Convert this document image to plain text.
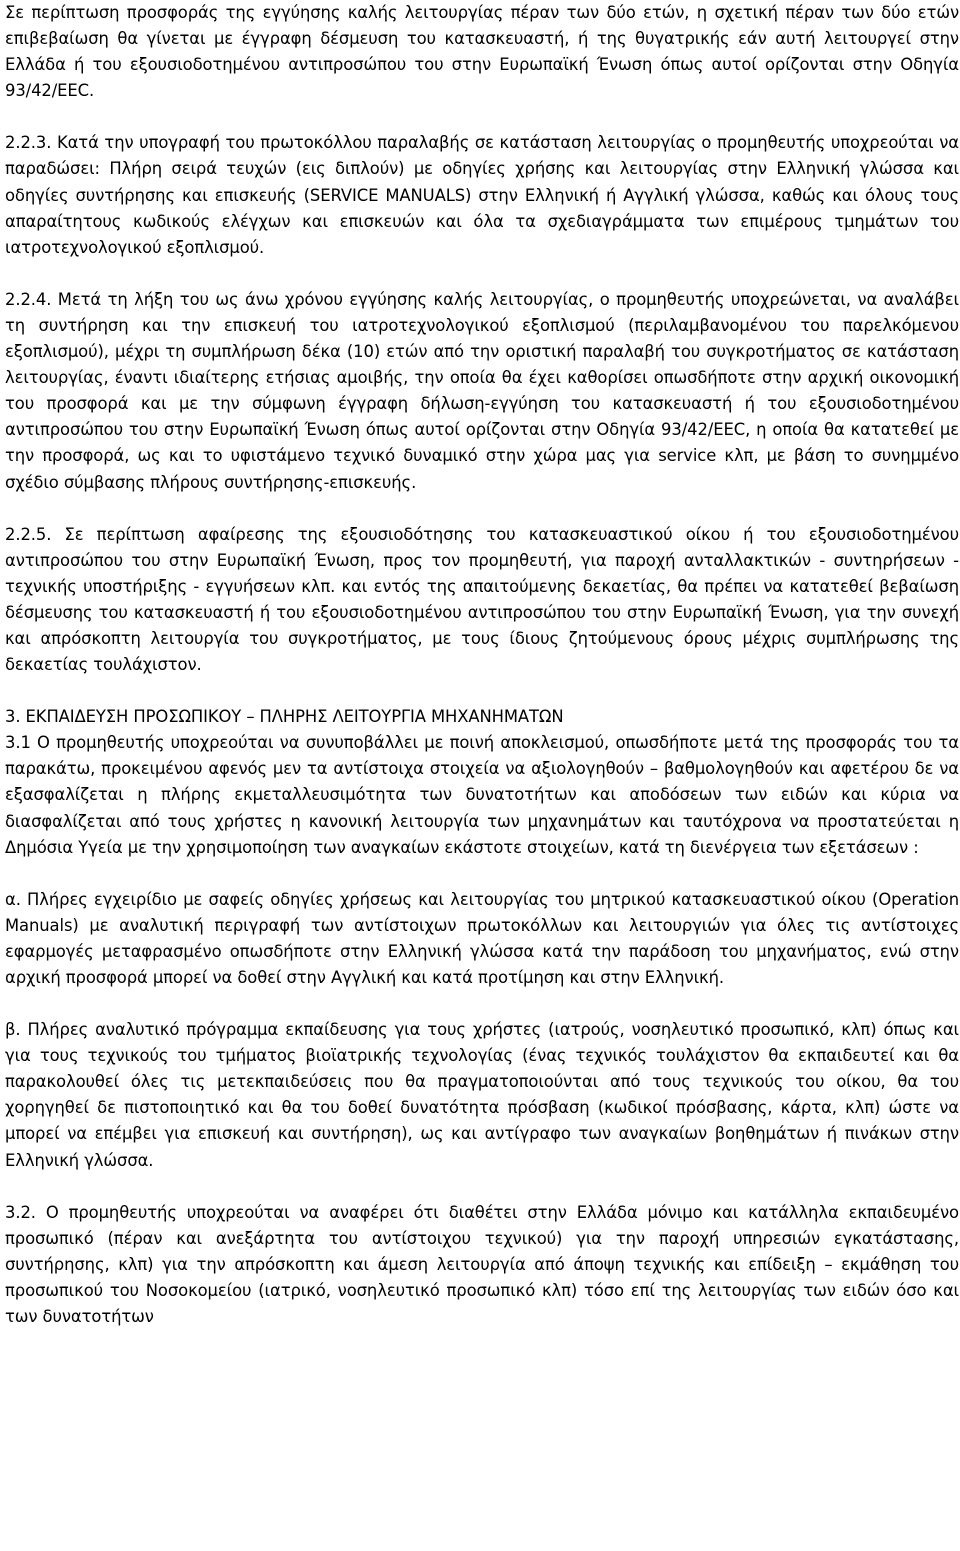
Σε περίπτωση προσφοράς της εγγύησης καλής λειτουργίας πέραν των δύο ετών, η σχετική πέραν των δύο ετών επιβεβαίωση θα γίνεται με έγγραφη δέσμευση του κατασκευαστή, ή της θυγατρικής εάν αυτή λειτουργεί στην Ελλάδα ή του εξουσιοδοτημένου αντιπροσώπου του στην Ευρωπαϊκή Ένωση όπως αυτοί ορίζονται στην Οδηγία 93/42/ΕΕC.

2.2.3. Κατά την υπογραφή του πρωτοκόλλου παραλαβής σε κατάσταση λειτουργίας ο προμηθευτής υποχρεούται να παραδώσει: Πλήρη σειρά τευχών (εις διπλούν) με οδηγίες χρήσης και λειτουργίας στην Ελληνική γλώσσα και οδηγίες συντήρησης και επισκευής (SERVICE MANUALS) στην Ελληνική ή Αγγλική γλώσσα, καθώς και όλους τους απαραίτητους κωδικούς ελέγχων και επισκευών και όλα τα σχεδιαγράμματα των επιμέρους τμημάτων του ιατροτεχνολογικού εξοπλισμού.

2.2.4. Μετά τη λήξη του ως άνω χρόνου εγγύησης καλής λειτουργίας, ο προμηθευτής υποχρεώνεται, να αναλάβει τη συντήρηση και την επισκευή του ιατροτεχνολογικού εξοπλισμού (περιλαμβανομένου του παρελκόμενου εξοπλισμού), μέχρι τη συμπλήρωση δέκα (10) ετών από την οριστική παραλαβή του συγκροτήματος σε κατάσταση λειτουργίας, έναντι ιδιαίτερης ετήσιας αμοιβής, την οποία θα έχει καθορίσει οπωσδήποτε στην αρχική οικονομική του προσφορά και με την σύμφωνη έγγραφη δήλωση-εγγύηση του κατασκευαστή ή του εξουσιοδοτημένου αντιπροσώπου του στην Ευρωπαϊκή Ένωση όπως αυτοί ορίζονται στην Οδηγία 93/42/ΕΕC, η οποία θα κατατεθεί με την προσφορά, ως και το υφιστάμενο τεχνικό δυναμικό στην χώρα μας για service κλπ, με βάση το συνημμένο σχέδιο σύμβασης πλήρους συντήρησης-επισκευής.

2.2.5. Σε περίπτωση αφαίρεσης της εξουσιοδότησης του κατασκευαστικού οίκου ή του εξουσιοδοτημένου αντιπροσώπου του στην Ευρωπαϊκή Ένωση, προς τον προμηθευτή, για παροχή ανταλλακτικών - συντηρήσεων - τεχνικής υποστήριξης - εγγυήσεων κλπ. και εντός της απαιτούμενης δεκαετίας, θα πρέπει να κατατεθεί βεβαίωση δέσμευσης του κατασκευαστή ή του εξουσιοδοτημένου αντιπροσώπου του στην Ευρωπαϊκή Ένωση, για την συνεχή και απρόσκοπτη λειτουργία του συγκροτήματος, με τους ίδιους ζητούμενους όρους μέχρις συμπλήρωσης της δεκαετίας τουλάχιστον.

3. ΕΚΠΑΙΔΕΥΣΗ ΠΡΟΣΩΠΙΚΟΥ – ΠΛΗΡΗΣ ΛΕΙΤΟΥΡΓΙΑ ΜΗΧΑΝΗΜΑΤΩΝ

3.1 Ο προμηθευτής υποχρεούται να συνυποβάλλει με ποινή αποκλεισμού, οπωσδήποτε μετά της προσφοράς του τα παρακάτω, προκειμένου αφενός μεν τα αντίστοιχα στοιχεία να αξιολογηθούν – βαθμολογηθούν και αφετέρου δε να εξασφαλίζεται η πλήρης εκμεταλλευσιμότητα των δυνατοτήτων και αποδόσεων των ειδών και κύρια να διασφαλίζεται από τους χρήστες η κανονική λειτουργία των μηχανημάτων και ταυτόχρονα να προστατεύεται η Δημόσια Υγεία με την χρησιμοποίηση των αναγκαίων εκάστοτε στοιχείων, κατά τη διενέργεια των εξετάσεων :

α. Πλήρες εγχειρίδιο με σαφείς οδηγίες χρήσεως και λειτουργίας του μητρικού κατασκευαστικού οίκου (Operation Manuals) με αναλυτική περιγραφή των αντίστοιχων πρωτοκόλλων και λειτουργιών για όλες τις αντίστοιχες εφαρμογές μεταφρασμένο οπωσδήποτε στην Ελληνική γλώσσα κατά την παράδοση του μηχανήματος, ενώ στην αρχική προσφορά μπορεί να δοθεί στην Αγγλική και κατά προτίμηση και στην Ελληνική.

β. Πλήρες αναλυτικό πρόγραμμα εκπαίδευσης για τους χρήστες (ιατρούς, νοσηλευτικό προσωπικό, κλπ) όπως και για τους τεχνικούς του τμήματος βιοϊατρικής τεχνολογίας (ένας τεχνικός τουλάχιστον θα εκπαιδευτεί και θα παρακολουθεί όλες τις μετεκπαιδεύσεις που θα πραγματοποιούνται από τους τεχνικούς του οίκου, θα του χορηγηθεί δε πιστοποιητικό και θα του δοθεί δυνατότητα πρόσβαση (κωδικοί πρόσβασης, κάρτα, κλπ) ώστε να μπορεί να επέμβει για επισκευή και συντήρηση), ως και αντίγραφο των αναγκαίων βοηθημάτων ή πινάκων στην Ελληνική γλώσσα.

3.2. Ο προμηθευτής υποχρεούται να αναφέρει ότι διαθέτει στην Ελλάδα μόνιμο και κατάλληλα εκπαιδευμένο προσωπικό (πέραν και ανεξάρτητα του αντίστοιχου τεχνικού) για την παροχή υπηρεσιών εγκατάστασης, συντήρησης, κλπ) για την απρόσκοπτη και άμεση λειτουργία από άποψη τεχνικής και επίδειξη – εκμάθηση του προσωπικού του Νοσοκομείου (ιατρικό, νοσηλευτικό προσωπικό κλπ) τόσο επί της λειτουργίας των ειδών όσο και των δυνατοτήτων
